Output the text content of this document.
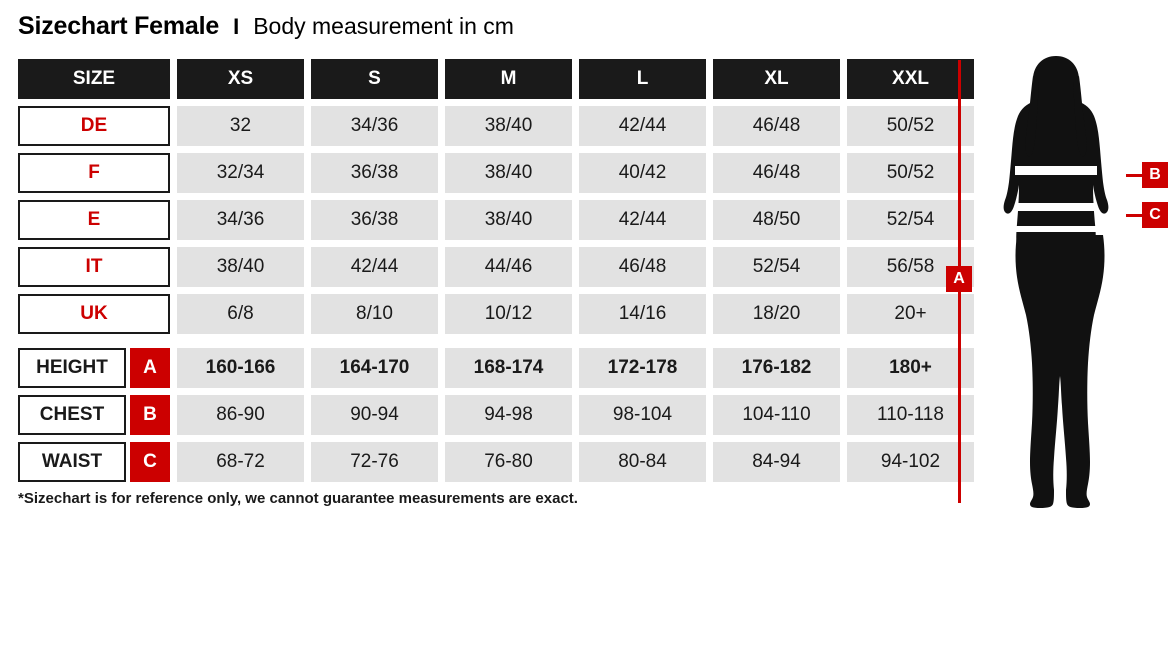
Sizechart Female I Body measurement in cm
SIZE	XS	S	M	L	XL	XXL
DE	32	34/36	38/40	42/44	46/48	50/52
F	32/34	36/38	38/40	40/42	46/48	50/52
E	34/36	36/38	38/40	42/44	48/50	52/54
IT	38/40	42/44	44/46	46/48	52/54	56/58
UK	6/8	8/10	10/12	14/16	18/20	20+
HEIGHT	A	160-166	164-170	168-174	172-178	176-182	180+
CHEST	B	86-90	90-94	94-98	98-104	104-110	110-118
WAIST	C	68-72	72-76	76-80	80-84	84-94	94-102
*Sizechart is for reference only, we cannot guarantee measurements are exact.
A
B
C
